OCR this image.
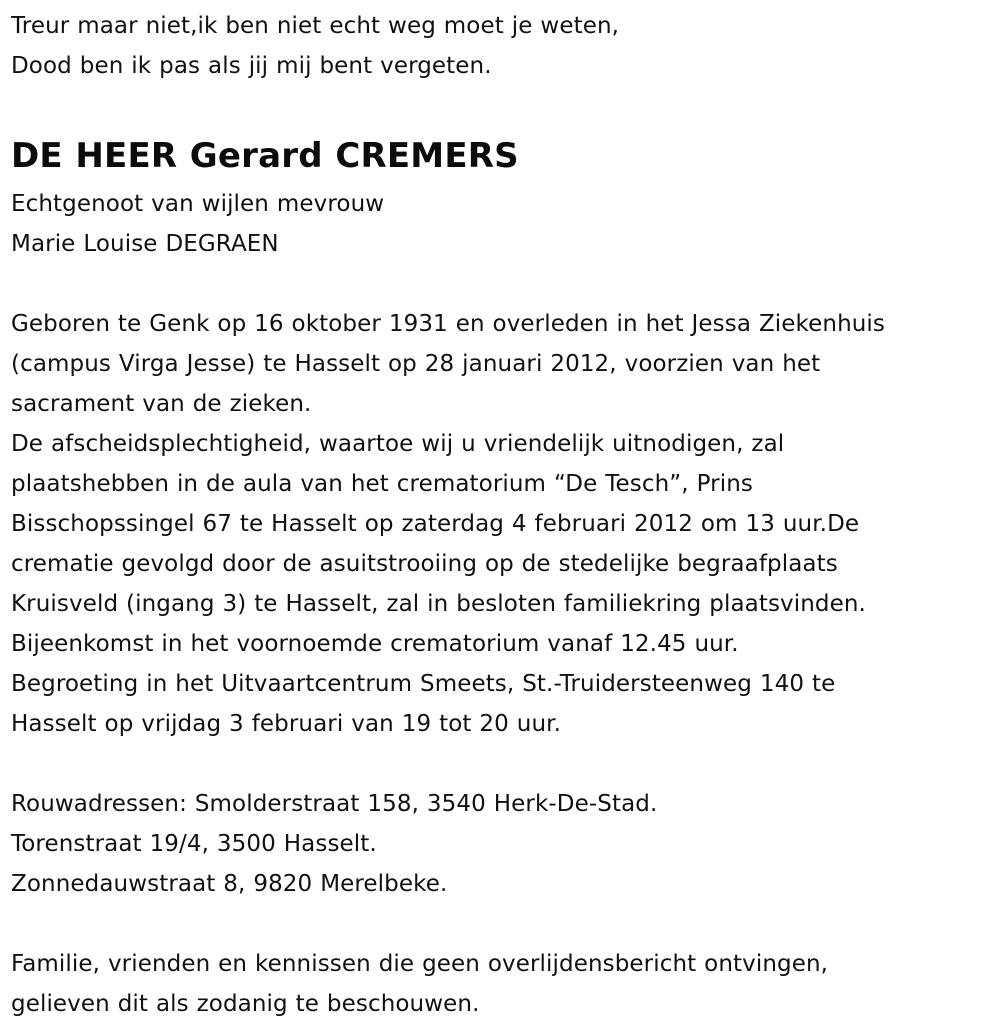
Treur maar niet,ik ben niet echt weg moet je weten,
Dood ben ik pas als jij mij bent vergeten.
DE HEER Gerard CREMERS
Echtgenoot van wijlen mevrouw
Marie Louise DEGRAEN
Geboren te Genk op 16 oktober 1931 en overleden in het Jessa Ziekenhuis
(campus Virga Jesse) te Hasselt op 28 januari 2012, voorzien van het
sacrament van de zieken.
De afscheidsplechtigheid, waartoe wij u vriendelijk uitnodigen, zal
plaatshebben in de aula van het crematorium “De Tesch”, Prins
Bisschopssingel 67 te Hasselt op zaterdag 4 februari 2012 om 13 uur.De
crematie gevolgd door de asuitstrooiing op de stedelijke begraafplaats
Kruisveld (ingang 3) te Hasselt, zal in besloten familiekring plaatsvinden.
Bijeenkomst in het voornoemde crematorium vanaf 12.45 uur.
Begroeting in het Uitvaartcentrum Smeets, St.-Truidersteenweg 140 te
Hasselt op vrijdag 3 februari van 19 tot 20 uur.
Rouwadressen: Smolderstraat 158, 3540 Herk-De-Stad.
Torenstraat 19/4, 3500 Hasselt.
Zonnedauwstraat 8, 9820 Merelbeke.
Familie, vrienden en kennissen die geen overlijdensbericht ontvingen,
gelieven dit als zodanig te beschouwen.
